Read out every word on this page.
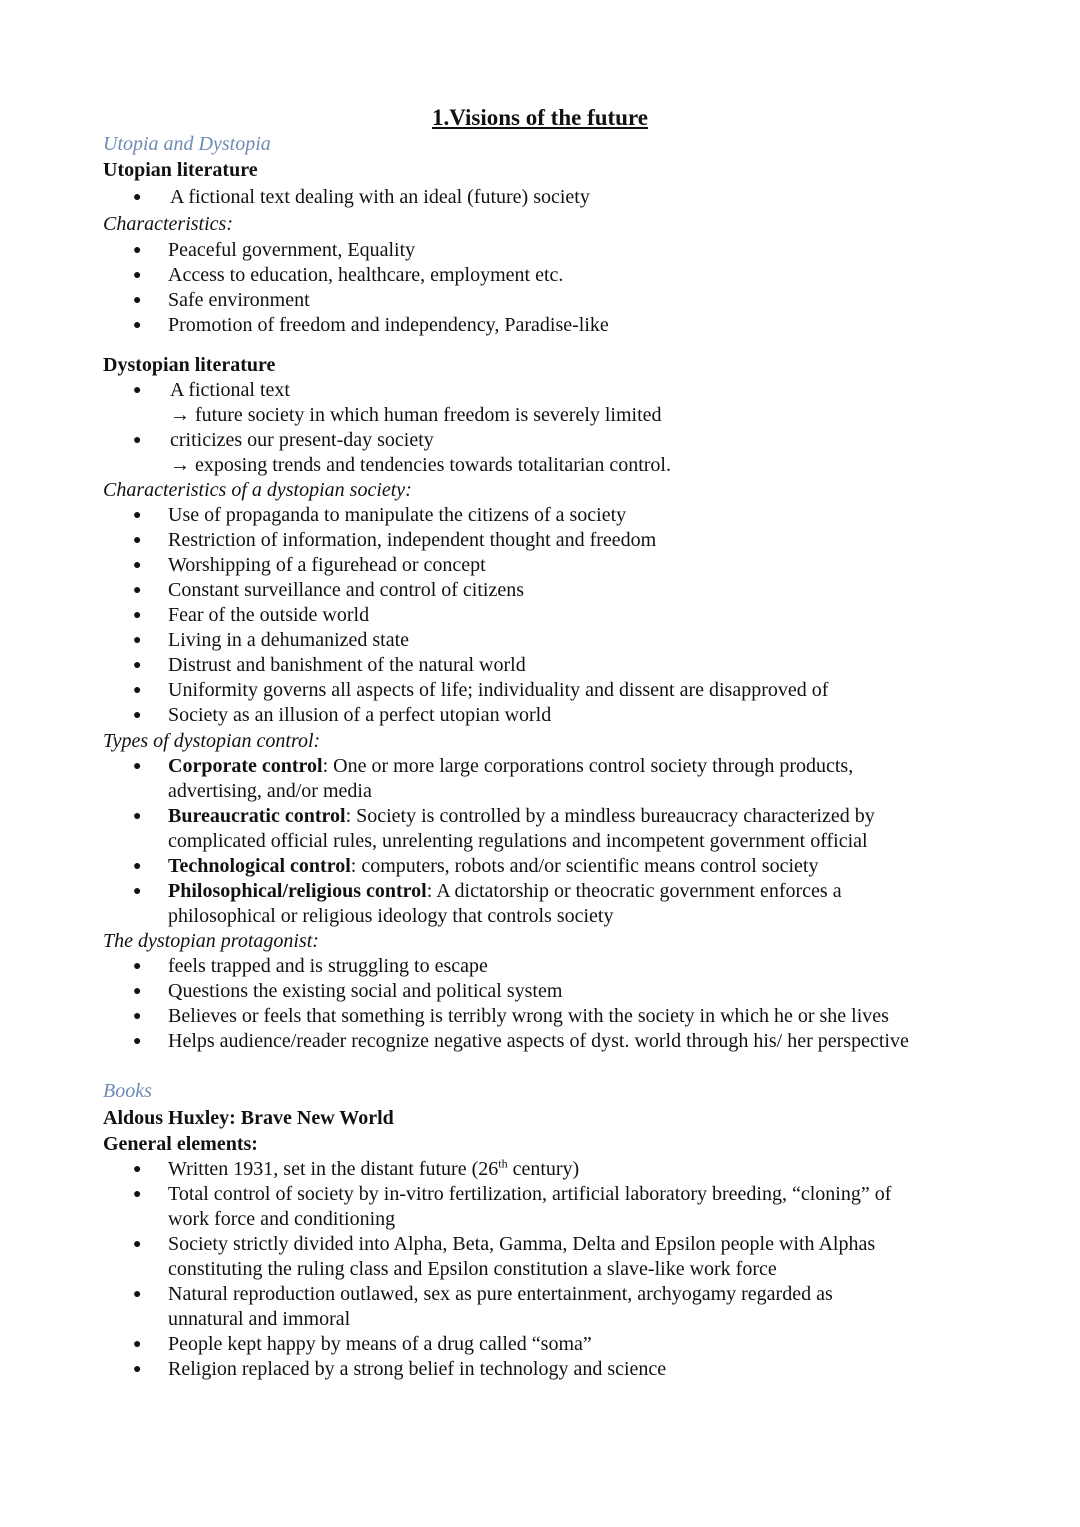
1.Visions of the future
Utopia and Dystopia
Utopian literature
● A fictional text dealing with an ideal (future) society
Characteristics:
● Peaceful government, Equality
● Access to education, healthcare, employment etc.
● Safe environment
● Promotion of freedom and independency, Paradise-like
Dystopian literature
● A fictional text
→ future society in which human freedom is severely limited
● criticizes our present-day society
→ exposing trends and tendencies towards totalitarian control.
Characteristics of a dystopian society:
● Use of propaganda to manipulate the citizens of a society
● Restriction of information, independent thought and freedom
● Worshipping of a figurehead or concept
● Constant surveillance and control of citizens
● Fear of the outside world
● Living in a dehumanized state
● Distrust and banishment of the natural world
● Uniformity governs all aspects of life; individuality and dissent are disapproved of
● Society as an illusion of a perfect utopian world
Types of dystopian control:
● Corporate control: One or more large corporations control society through products,
advertising, and/or media
● Bureaucratic control: Society is controlled by a mindless bureaucracy characterized by
complicated official rules, unrelenting regulations and incompetent government official
● Technological control: computers, robots and/or scientific means control society
● Philosophical/religious control: A dictatorship or theocratic government enforces a
philosophical or religious ideology that controls society
The dystopian protagonist:
● feels trapped and is struggling to escape
● Questions the existing social and political system
● Believes or feels that something is terribly wrong with the society in which he or she lives
● Helps audience/reader recognize negative aspects of dyst. world through his/ her perspective
Books
Aldous Huxley: Brave New World
General elements:
● Written 1931, set in the distant future (26th century)
● Total control of society by in-vitro fertilization, artificial laboratory breeding, “cloning” of
work force and conditioning
● Society strictly divided into Alpha, Beta, Gamma, Delta and Epsilon people with Alphas
constituting the ruling class and Epsilon constitution a slave-like work force
● Natural reproduction outlawed, sex as pure entertainment, archyogamy regarded as
unnatural and immoral
● People kept happy by means of a drug called “soma”
● Religion replaced by a strong belief in technology and science
